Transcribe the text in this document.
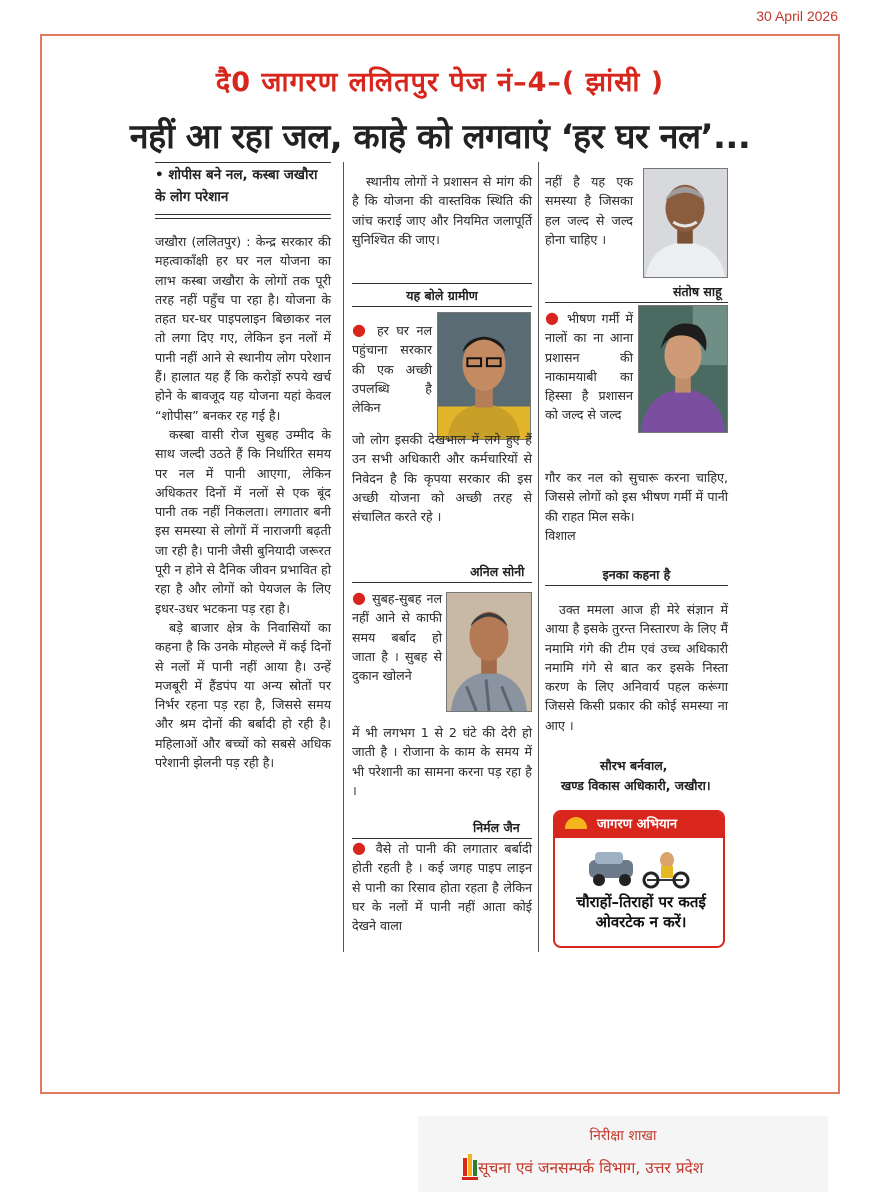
30 April 2026
दै0 जागरण ललितपुर पेज नं–4–( झांसी )
नहीं आ रहा जल, काहे को लगवाएं ‘हर घर नल’...
• शोपीस बने नल, कस्बा जखौरा के लोग परेशान

जखौरा (ललितपुर) : केन्द्र सरकार की महत्वाकाँक्षी हर घर नल योजना का लाभ कस्बा जखौरा के लोगों तक पूरी तरह नहीं पहुँच पा रहा है। योजना के तहत घर-घर पाइपलाइन बिछाकर नल तो लगा दिए गए, लेकिन इन नलों में पानी नहीं आने से स्थानीय लोग परेशान हैं। हालात यह हैं कि करोड़ों रुपये खर्च होने के बावजूद यह योजना यहां केवल “शोपीस” बनकर रह गई है।

कस्बा वासी रोज सुबह उम्मीद के साथ जल्दी उठते हैं कि निर्धारित समय पर नल में पानी आएगा, लेकिन अधिकतर दिनों में नलों से एक बूंद पानी तक नहीं निकलता। लगातार बनी इस समस्या से लोगों में नाराजगी बढ़ती जा रही है। पानी जैसी बुनियादी जरूरत पूरी न होने से दैनिक जीवन प्रभावित हो रहा है और लोगों को पेयजल के लिए इधर-उधर भटकना पड़ रहा है।

बड़े बाजार क्षेत्र के निवासियों का कहना है कि उनके मोहल्ले में कई दिनों से नलों में पानी नहीं आया है। उन्हें मजबूरी में हैंडपंप या अन्य स्रोतों पर निर्भर रहना पड़ रहा है, जिससे समय और श्रम दोनों की बर्बादी हो रही है। महिलाओं और बच्चों को सबसे अधिक परेशानी झेलनी पड़ रही है।

स्थानीय लोगों ने प्रशासन से मांग की है कि योजना की वास्तविक स्थिति की जांच कराई जाए और नियमित जलापूर्ति सुनिश्चित की जाए।

यह बोले ग्रामीण
● हर घर नल पहुंचाना सरकार की एक अच्छी उपलब्धि है लेकिन

जो लोग इसकी देखभाल में लगे हुए हैं उन सभी अधिकारी और कर्मचारियों से निवेदन है कि कृपया सरकार की इस अच्छी योजना को अच्छी तरह से संचालित करते रहे ।

अनिल सोनी
● सुबह-सुबह नल नहीं आने से काफी समय बर्बाद हो जाता है । सुबह से दुकान खोलने

में भी लगभग 1 से 2 घंटे की देरी हो जाती है । रोजाना के काम के समय में भी परेशानी का सामना करना पड़ रहा है ।

निर्मल जैन

● वैसे तो पानी की लगातार बर्बादी होती रहती है । कई जगह पाइप लाइन से पानी का रिसाव होता रहता है लेकिन घर के नलों में पानी नहीं आता कोई देखने वाला

नहीं है यह एक समस्या है जिसका हल जल्द से जल्द होना चाहिए ।

संतोष साहू
● भीषण गर्मी में नालों का ना आना प्रशासन की नाकामयाबी का हिस्सा है प्रशासन को जल्द से जल्द

गौर कर नल को सुचारू करना चाहिए, जिससे लोगों को इस भीषण गर्मी में पानी की राहत मिल सके।

विशाल

इनका कहना है

उक्त ममला आज ही मेरे संज्ञान में आया है इसके तुरन्त निस्तारण के लिए मैं नमामि गंगे की टीम एवं उच्च अधिकारी नमामि गंगे से बात कर इसके निस्ता करण के लिए अनिवार्य पहल करूंगा जिससे किसी प्रकार की कोई समस्या ना आए ।

सौरभ बर्नवाल,
खण्ड विकास अधिकारी, जखौरा।
जागरण अभियान
चौराहों–तिराहों पर कतई ओवरटेक न करें।
निरीक्षा शाखा
सूचना एवं जनसम्पर्क विभाग, उत्तर प्रदेश
